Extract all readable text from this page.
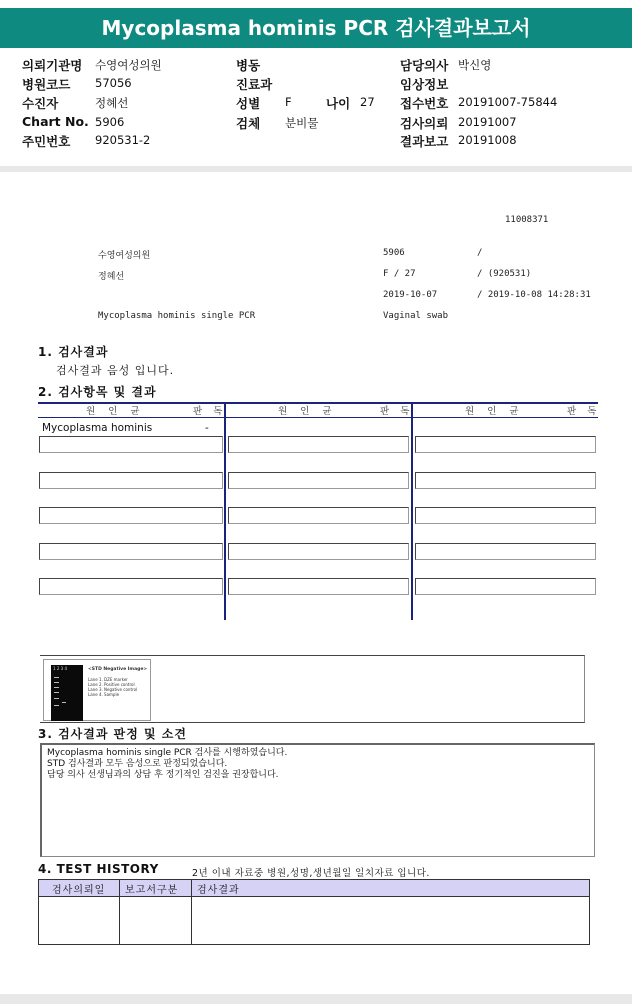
Mycoplasma hominis PCR 검사결과보고서
의뢰기관명 수영여성의원
병원코드 57056
수진자	정혜선
Chart No. 5906
주민번호 920531-2
병동
진료과
성별 F	나이 27
검체 분비물
담당의사 박신영
임상정보
접수번호 20191007-75844
검사의뢰 20191007
결과보고 20191008
11008371
수영여성의원	5906	/
정혜선	F / 27	/ (920531)
2019-10-07	/ 2019-10-08 14:28:31
Mycoplasma hominis single PCR	Vaginal swab
1. 검사결과
검사결과 음성 입니다.
2. 검사항목 및 결과
원 인 균	판 독	원 인 균	판 독	원 인 균	판 독
Mycoplasma hominis	-
1 2 3 4	<STD Negative Image>
Lane 1. DZE marker
Lane 2. Positive control
Lane 3. Negative control
Lane 4. Sample
3. 검사결과 판정 및 소견
Mycoplasma hominis single PCR 검사를 시행하였습니다.
STD 검사결과 모두 음성으로 판정되었습니다.
담당 의사 선생님과의 상담 후 정기적인 검진을 권장합니다.
4. TEST HISTORY	2년 이내 자료중 병원,성명,생년월일 일치자료 입니다.
검사의뢰일 보고서구분 검사결과
